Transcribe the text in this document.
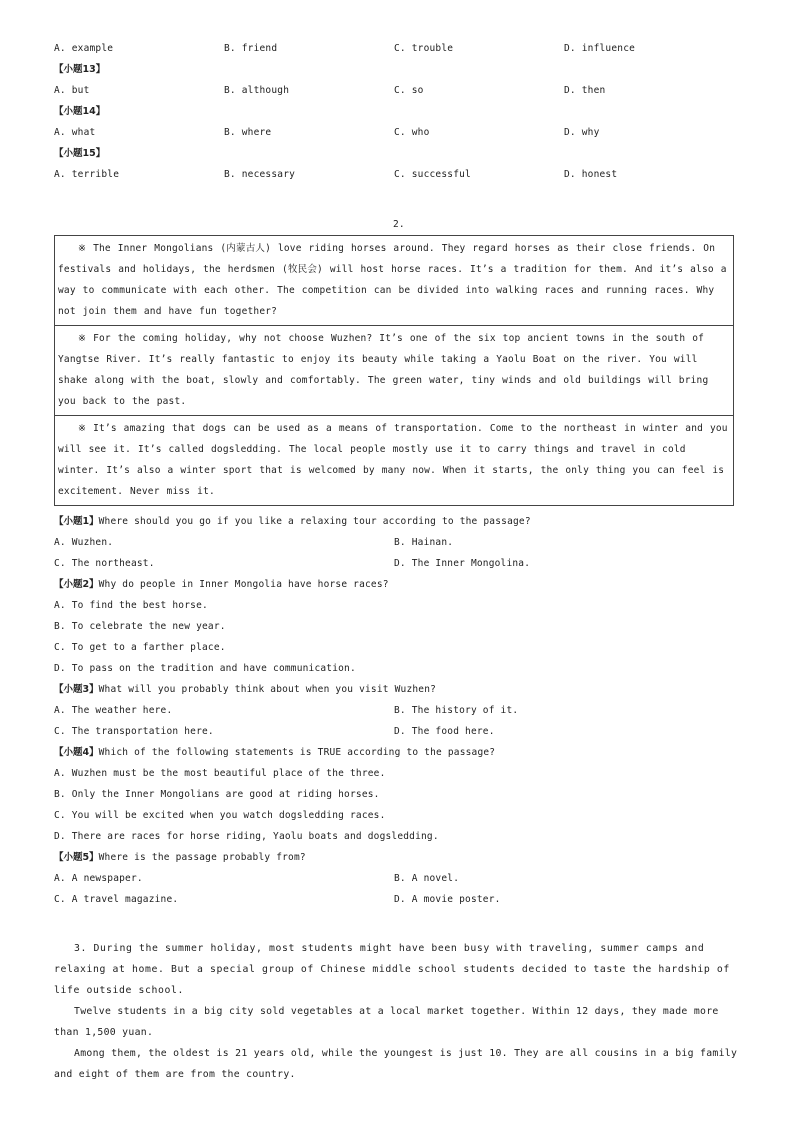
A. example	B. friend	C. trouble	D. influence
【小题13】
A. but	B. although	C. so	D. then
【小题14】
A. what	B. where	C. who	D. why
【小题15】
A. terrible	B. necessary	C. successful	D. honest
2.
※ The Inner Mongolians (内蒙古人) love riding horses around. They regard horses as their close friends. On festivals and holidays, the herdsmen (牧民会) will host horse races. It’s a tradition for them. And it’s also a way to communicate with each other. The competition can be divided into walking races and running races. Why not join them and have fun together?
※ For the coming holiday, why not choose Wuzhen? It’s one of the six top ancient towns in the south of Yangtse River. It’s really fantastic to enjoy its beauty while taking a Yaolu Boat on the river. You will shake along with the boat, slowly and comfortably. The green water, tiny winds and old buildings will bring you back to the past.
※ It’s amazing that dogs can be used as a means of transportation. Come to the northeast in winter and you will see it. It’s called dogsledding. The local people mostly use it to carry things and travel in cold winter. It’s also a winter sport that is welcomed by many now. When it starts, the only thing you can feel is excitement. Never miss it.
【小题1】Where should you go if you like a relaxing tour according to the passage?
A. Wuzhen.	B. Hainan.
C. The northeast.	D. The Inner Mongolina.
【小题2】Why do people in Inner Mongolia have horse races?
A. To find the best horse.
B. To celebrate the new year.
C. To get to a farther place.
D. To pass on the tradition and have communication.
【小题3】What will you probably think about when you visit Wuzhen?
A. The weather here.	B. The history of it.
C. The transportation here.	D. The food here.
【小题4】Which of the following statements is TRUE according to the passage?
A. Wuzhen must be the most beautiful place of the three.
B. Only the Inner Mongolians are good at riding horses.
C. You will be excited when you watch dogsledding races.
D. There are races for horse riding, Yaolu boats and dogsledding.
【小题5】Where is the passage probably from?
A. A newspaper.	B. A novel.
C. A travel magazine.	D. A movie poster.
3. During the summer holiday, most students might have been busy with traveling, summer camps and relaxing at home. But a special group of Chinese middle school students decided to taste the hardship of life outside school.
Twelve students in a big city sold vegetables at a local market together. Within 12 days, they made more than 1,500 yuan.
Among them, the oldest is 21 years old, while the youngest is just 10. They are all cousins in a big family and eight of them are from the country.
